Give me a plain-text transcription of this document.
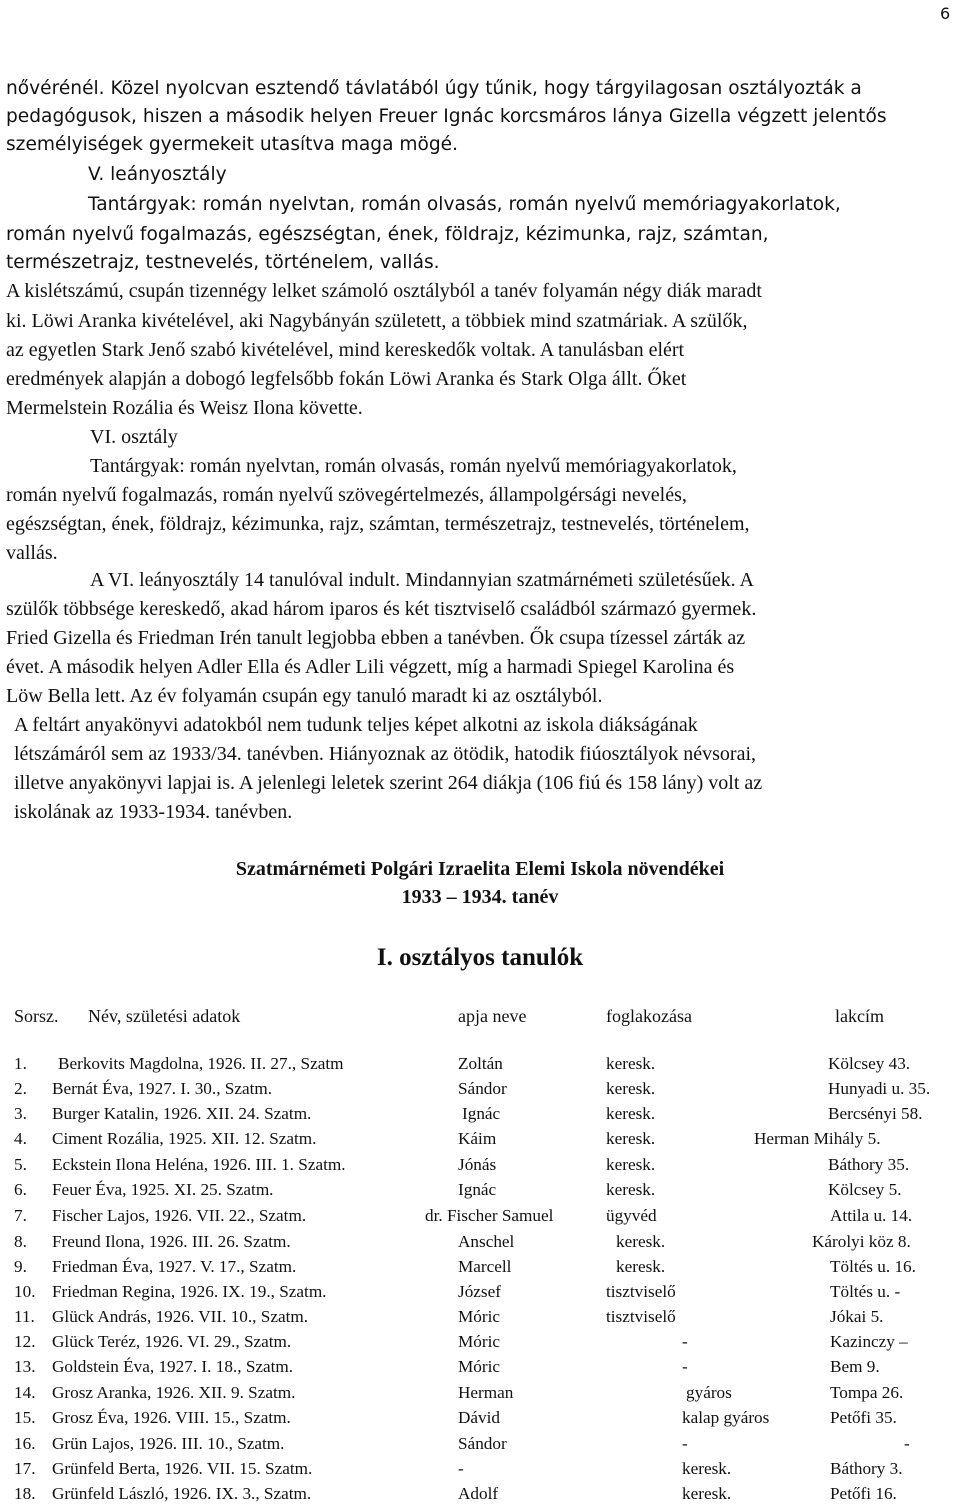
6
nővérénél. Közel nyolcvan esztendő távlatából úgy tűnik, hogy tárgyilagosan osztályozták a
pedagógusok, hiszen a második helyen Freuer Ignác korcsmáros lánya Gizella végzett jelentős
személyiségek gyermekeit utasítva maga mögé.
V. leányosztály
Tantárgyak: román nyelvtan, román olvasás, román nyelvű memóriagyakorlatok,
román nyelvű fogalmazás, egészségtan, ének, földrajz, kézimunka, rajz, számtan,
természetrajz, testnevelés, történelem, vallás.
A kislétszámú, csupán tizennégy lelket számoló osztályból a tanév folyamán négy diák maradt
ki. Löwi Aranka kivételével, aki Nagybányán született, a többiek mind szatmáriak. A szülők,
az egyetlen Stark Jenő szabó kivételével, mind kereskedők voltak. A tanulásban elért
eredmények alapján a dobogó legfelsőbb fokán Löwi Aranka és Stark Olga állt. Őket
Mermelstein Rozália és Weisz Ilona követte.
VI. osztály
Tantárgyak: román nyelvtan, román olvasás, román nyelvű memóriagyakorlatok,
román nyelvű fogalmazás, román nyelvű szövegértelmezés, állampolgérsági nevelés,
egészségtan, ének, földrajz, kézimunka, rajz, számtan, természetrajz, testnevelés, történelem,
vallás.
A VI. leányosztály 14 tanulóval indult. Mindannyian szatmárnémeti születésűek. A
szülők többsége kereskedő, akad három iparos és két tisztviselő családból származó gyermek.
Fried Gizella és Friedman Irén tanult legjobba ebben a tanévben. Ők csupa tízessel zárták az
évet. A második helyen Adler Ella és Adler Lili végzett, míg a harmadi Spiegel Karolina és
Löw Bella lett. Az év folyamán csupán egy tanuló maradt ki az osztályból.
A feltárt anyakönyvi adatokból nem tudunk teljes képet alkotni az iskola diákságának
létszámáról sem az 1933/34. tanévben. Hiányoznak az ötödik, hatodik fiúosztályok névsorai,
illetve anyakönyvi lapjai is. A jelenlegi leletek szerint 264 diákja (106 fiú és 158 lány) volt az
iskolának az 1933-1934. tanévben.
Szatmárnémeti Polgári Izraelita Elemi Iskola növendékei
1933 – 1934. tanév
I. osztályos tanulók
Sorsz. Név, születési adatok	apja neve	foglakozása	lakcím
1. Berkovits Magdolna, 1926. II. 27., Szatm	Zoltán	keresk.	Kölcsey 43.
2. Bernát Éva, 1927. I. 30., Szatm.	Sándor	keresk.	Hunyadi u. 35.
3. Burger Katalin, 1926. XII. 24. Szatm.	Ignác	keresk.	Bercsényi 58.
4. Ciment Rozália, 1925. XII. 12. Szatm.	Káim	keresk.	Herman Mihály 5.
5. Eckstein Ilona Heléna, 1926. III. 1. Szatm.	Jónás	keresk.	Báthory 35.
6. Feuer Éva, 1925. XI. 25. Szatm.	Ignác	keresk.	Kölcsey 5.
7. Fischer Lajos, 1926. VII. 22., Szatm.	dr. Fischer Samuel	ügyvéd	Attila u. 14.
8. Freund Ilona, 1926. III. 26. Szatm.	Anschel	keresk.	Károlyi köz 8.
9. Friedman Éva, 1927. V. 17., Szatm.	Marcell	keresk.	Töltés u. 16.
10. Friedman Regina, 1926. IX. 19., Szatm.	József	tisztviselő	Töltés u. -
11. Glück András, 1926. VII. 10., Szatm.	Móric	tisztviselő	Jókai 5.
12. Glück Teréz, 1926. VI. 29., Szatm.	Móric	-	Kazinczy –
13. Goldstein Éva, 1927. I. 18., Szatm.	Móric	-	Bem 9.
14. Grosz Aranka, 1926. XII. 9. Szatm.	Herman	gyáros	Tompa 26.
15. Grosz Éva, 1926. VIII. 15., Szatm.	Dávid	kalap gyáros	Petőfi 35.
16. Grün Lajos, 1926. III. 10., Szatm.	Sándor	-	-
17. Grünfeld Berta, 1926. VII. 15. Szatm.	-	keresk.	Báthory 3.
18. Grünfeld László, 1926. IX. 3., Szatm.	Adolf	keresk.	Petőfi 16.
